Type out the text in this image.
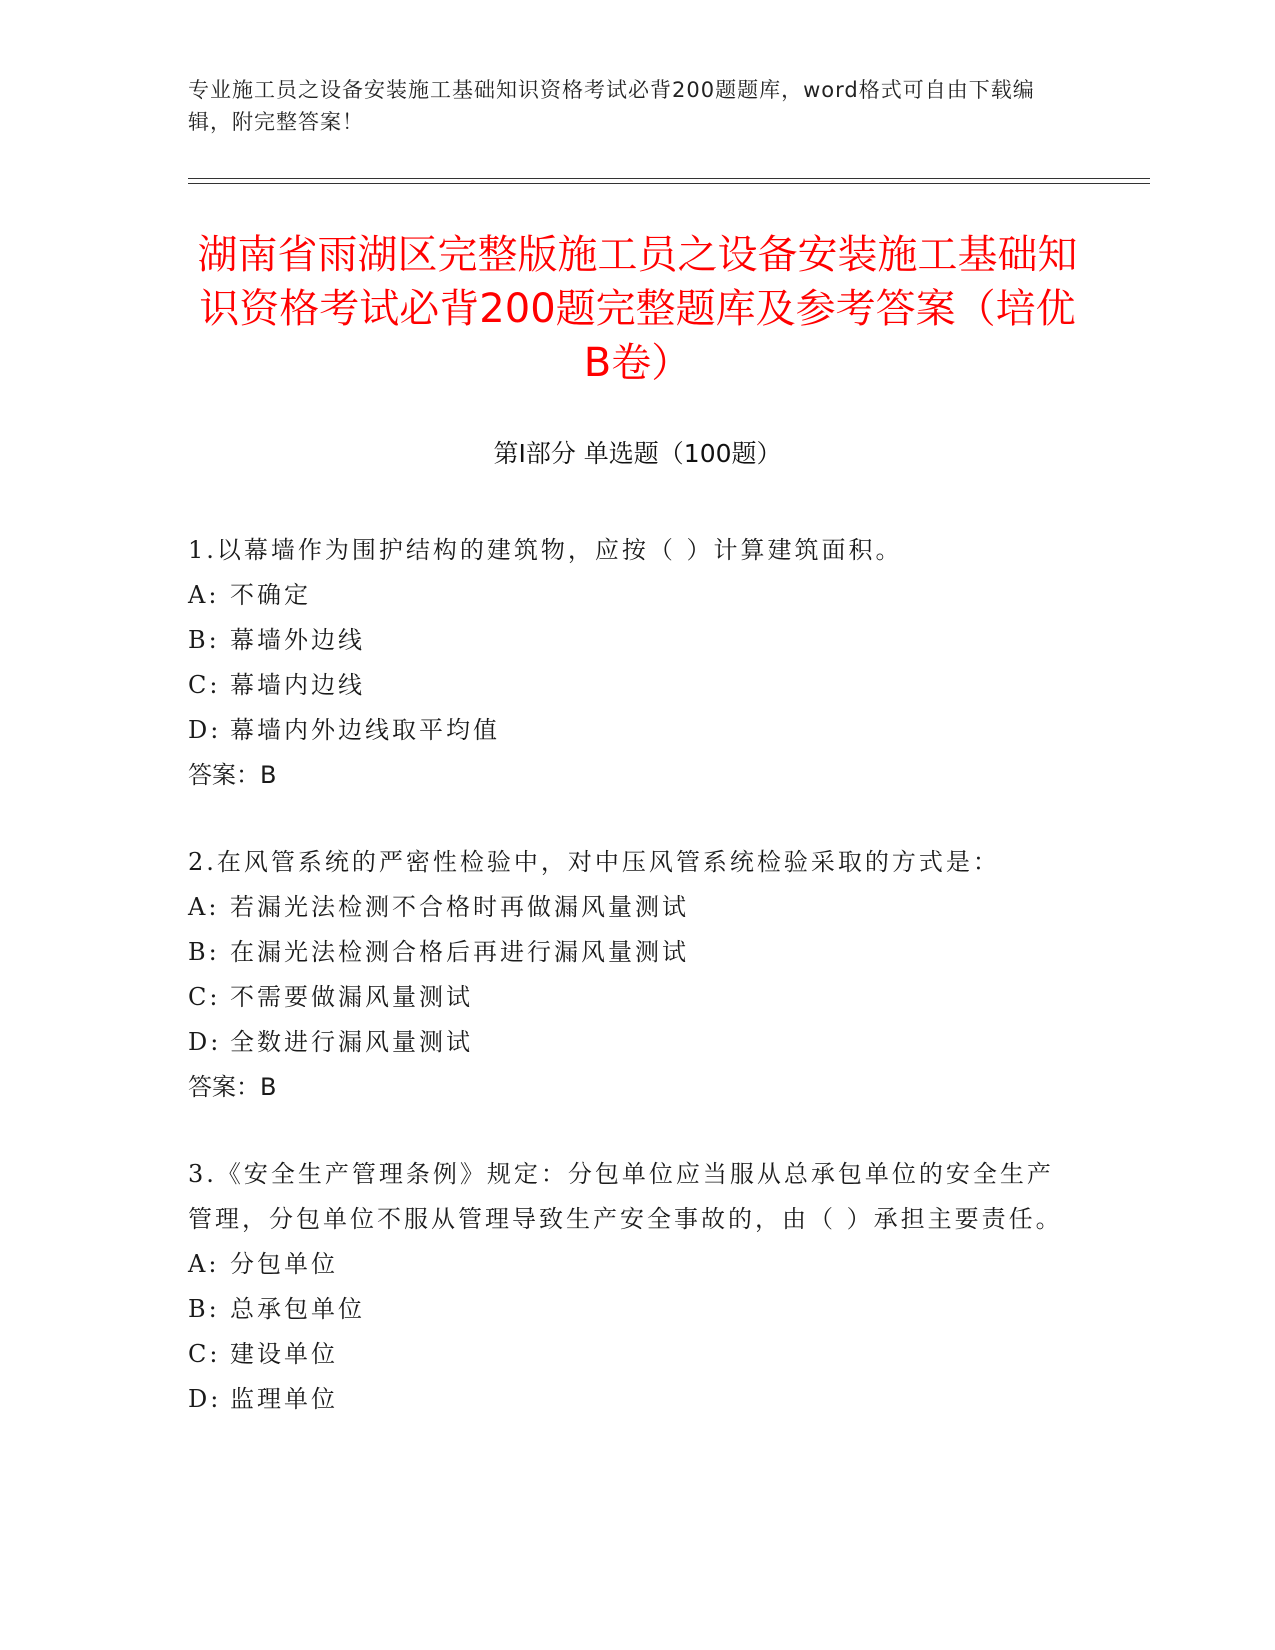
专业施工员之设备安装施工基础知识资格考试必背200题题库，word格式可自由下载编辑，附完整答案！
湖南省雨湖区完整版施工员之设备安装施工基础知识资格考试必背200题完整题库及参考答案（培优B卷）
第Ⅰ部分 单选题（100题）

1.以幕墙作为围护结构的建筑物，应按（ ）计算建筑面积。

A: 不确定

B: 幕墙外边线

C: 幕墙内边线

D: 幕墙内外边线取平均值

答案：B

2.在风管系统的严密性检验中，对中压风管系统检验采取的方式是：

A: 若漏光法检测不合格时再做漏风量测试

B: 在漏光法检测合格后再进行漏风量测试

C: 不需要做漏风量测试

D: 全数进行漏风量测试

答案：B

3.《安全生产管理条例》规定：分包单位应当服从总承包单位的安全生产管理，分包单位不服从管理导致生产安全事故的，由（ ）承担主要责任。

A: 分包单位

B: 总承包单位

C: 建设单位

D: 监理单位
